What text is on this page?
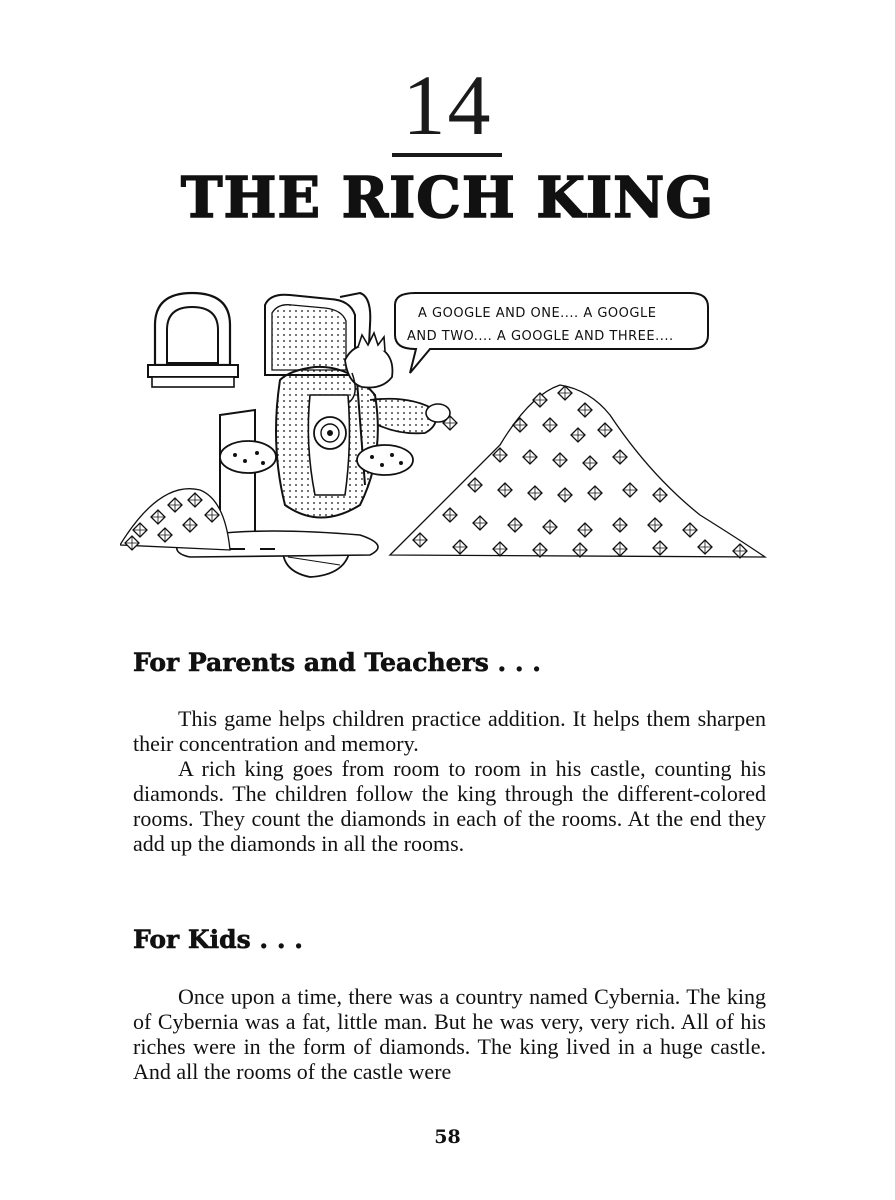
14
THE RICH KING
A GOOGLE AND ONE.... A GOOGLE
AND TWO.... A GOOGLE AND THREE....
For Parents and Teachers . . .

This game helps children practice addition. It helps them sharpen their concentration and memory.

A rich king goes from room to room in his castle, counting his diamonds. The children follow the king through the different-colored rooms. They count the diamonds in each of the rooms. At the end they add up the diamonds in all the rooms.

For Kids . . .

Once upon a time, there was a country named Cybernia. The king of Cybernia was a fat, little man. But he was very, very rich. All of his riches were in the form of diamonds. The king lived in a huge castle. And all the rooms of the castle were

58
